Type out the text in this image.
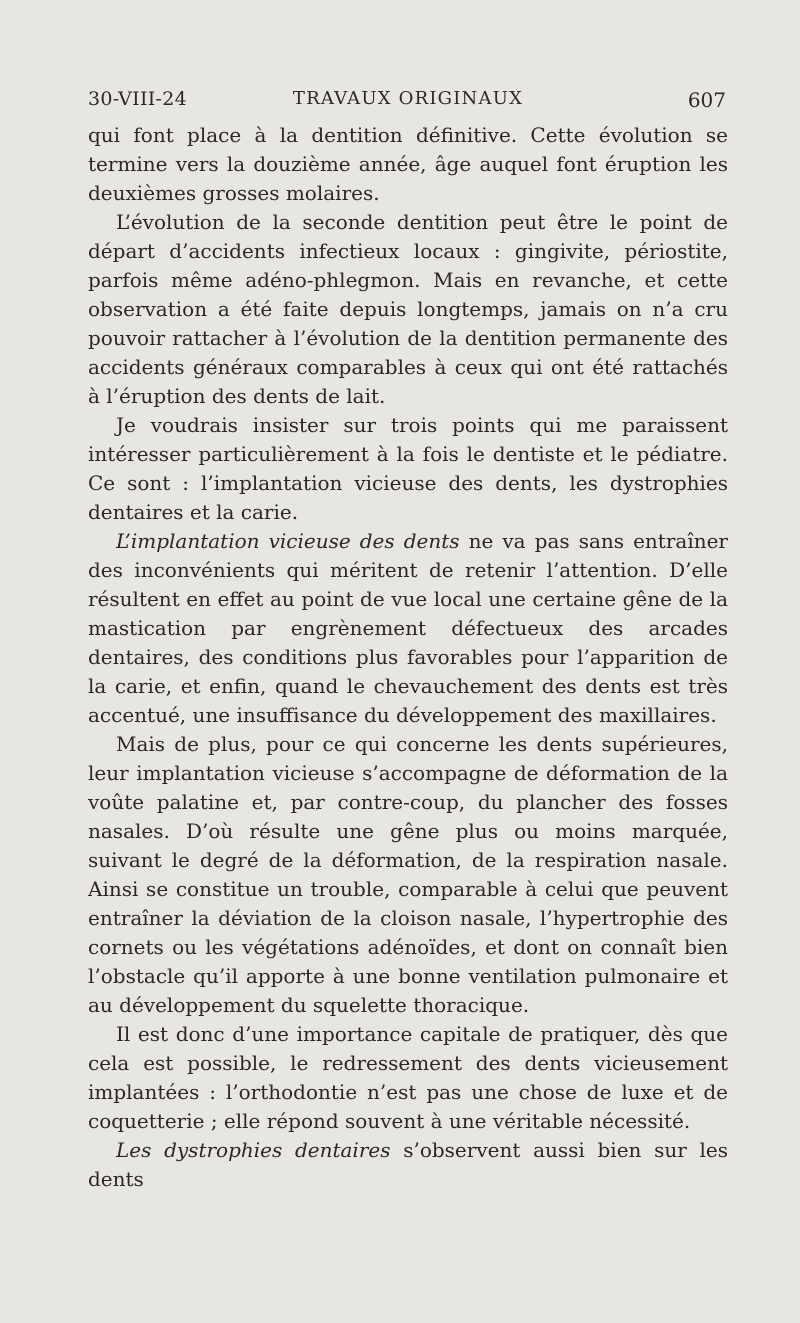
30-VIII-24	TRAVAUX ORIGINAUX	607

qui font place à la dentition définitive. Cette évolution se termine vers la douzième année, âge auquel font éruption les deuxièmes grosses molaires.

L’évolution de la seconde dentition peut être le point de départ d’accidents infectieux locaux : gingivite, périostite, parfois même adéno-phlegmon. Mais en revanche, et cette observation a été faite depuis longtemps, jamais on n’a cru pouvoir rattacher à l’évolution de la dentition permanente des accidents généraux comparables à ceux qui ont été rattachés à l’éruption des dents de lait.

Je voudrais insister sur trois points qui me paraissent intéresser particulièrement à la fois le dentiste et le pédiatre. Ce sont : l’implantation vicieuse des dents, les dystrophies dentaires et la carie.

L’implantation vicieuse des dents ne va pas sans entraîner des inconvénients qui méritent de retenir l’attention. D’elle résultent en effet au point de vue local une certaine gêne de la mastication par engrènement défectueux des arcades dentaires, des conditions plus favorables pour l’apparition de la carie, et enfin, quand le chevauchement des dents est très accentué, une insuffisance du développement des maxillaires.

Mais de plus, pour ce qui concerne les dents supérieures, leur implantation vicieuse s’accompagne de déformation de la voûte palatine et, par contre-coup, du plancher des fosses nasales. D’où résulte une gêne plus ou moins marquée, suivant le degré de la déformation, de la respiration nasale. Ainsi se constitue un trouble, comparable à celui que peuvent entraîner la déviation de la cloison nasale, l’hypertrophie des cornets ou les végétations adénoïdes, et dont on connaît bien l’obstacle qu’il apporte à une bonne ventilation pulmonaire et au développement du squelette thoracique.

Il est donc d’une importance capitale de pratiquer, dès que cela est possible, le redressement des dents vicieusement implantées : l’orthodontie n’est pas une chose de luxe et de coquetterie ; elle répond souvent à une véritable nécessité.

Les dystrophies dentaires s’observent aussi bien sur les dents
